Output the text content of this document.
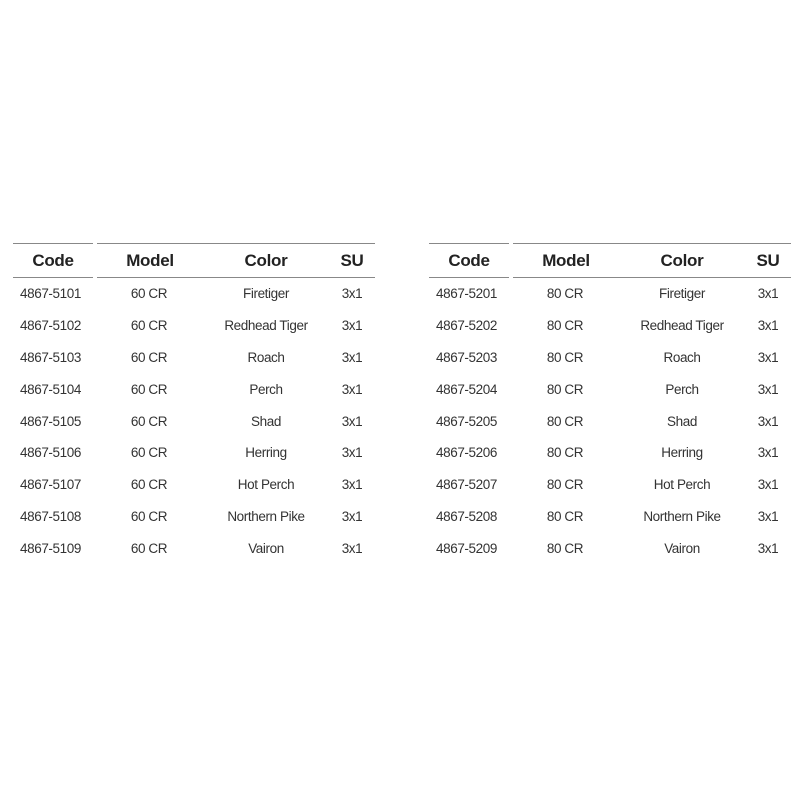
Code	Model	Color	SU
4867-5101	60 CR	Firetiger	3x1
4867-5102	60 CR	Redhead Tiger	3x1
4867-5103	60 CR	Roach	3x1
4867-5104	60 CR	Perch	3x1
4867-5105	60 CR	Shad	3x1
4867-5106	60 CR	Herring	3x1
4867-5107	60 CR	Hot Perch	3x1
4867-5108	60 CR	Northern Pike	3x1
4867-5109	60 CR	Vairon	3x1
Code	Model	Color	SU
4867-5201	80 CR	Firetiger	3x1
4867-5202	80 CR	Redhead Tiger	3x1
4867-5203	80 CR	Roach	3x1
4867-5204	80 CR	Perch	3x1
4867-5205	80 CR	Shad	3x1
4867-5206	80 CR	Herring	3x1
4867-5207	80 CR	Hot Perch	3x1
4867-5208	80 CR	Northern Pike	3x1
4867-5209	80 CR	Vairon	3x1
